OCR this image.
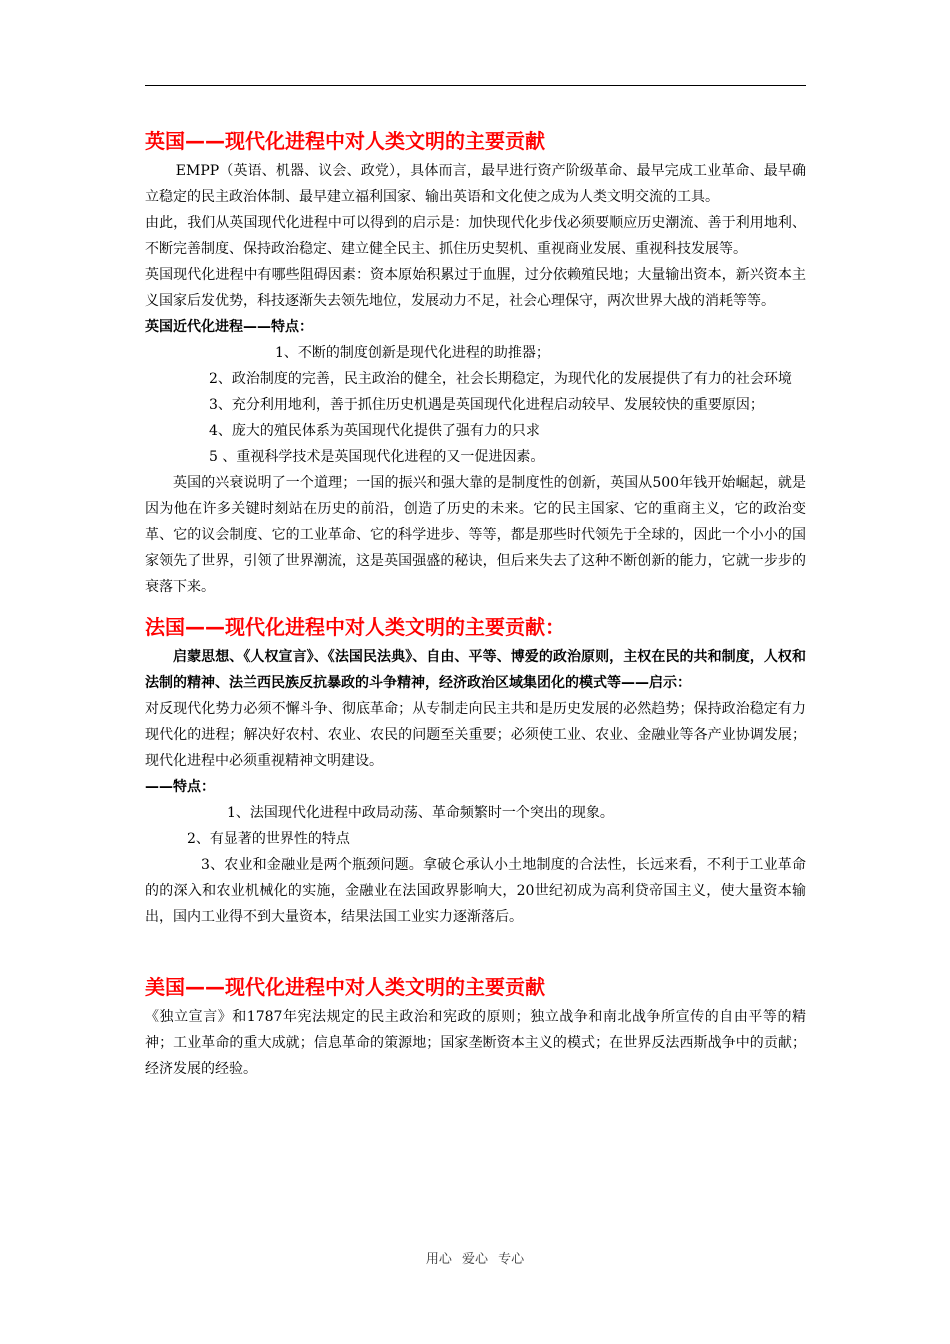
英国——现代化进程中对人类文明的主要贡献

EMPP（英语、机器、议会、政党），具体而言，最早进行资产阶级革命、最早完成工业革命、最早确立稳定的民主政治体制、最早建立福利国家、输出英语和文化使之成为人类文明交流的工具。

由此，我们从英国现代化进程中可以得到的启示是：加快现代化步伐必须要顺应历史潮流、善于利用地利、不断完善制度、保持政治稳定、建立健全民主、抓住历史契机、重视商业发展、重视科技发展等。

英国现代化进程中有哪些阻碍因素：资本原始积累过于血腥，过分依赖殖民地；大量输出资本，新兴资本主义国家后发优势，科技逐渐失去领先地位，发展动力不足，社会心理保守，两次世界大战的消耗等等。

英国近代化进程——特点：

1、不断的制度创新是现代化进程的助推器；

2、政治制度的完善，民主政治的健全，社会长期稳定，为现代化的发展提供了有力的社会环境

3、充分利用地利，善于抓住历史机遇是英国现代化进程启动较早、发展较快的重要原因；

4、庞大的殖民体系为英国现代化提供了强有力的只求

5 、重视科学技术是英国现代化进程的又一促进因素。

英国的兴衰说明了一个道理；一国的振兴和强大靠的是制度性的创新，英国从500年钱开始崛起，就是因为他在许多关键时刻站在历史的前沿，创造了历史的未来。它的民主国家、它的重商主义，它的政治变革、它的议会制度、它的工业革命、它的科学进步、等等，都是那些时代领先于全球的，因此一个小小的国家领先了世界，引领了世界潮流，这是英国强盛的秘诀，但后来失去了这种不断创新的能力，它就一步步的衰落下来。

法国——现代化进程中对人类文明的主要贡献：

启蒙思想、《人权宣言》、《法国民法典》、自由、平等、博爱的政治原则，主权在民的共和制度，人权和法制的精神、法兰西民族反抗暴政的斗争精神，经济政治区域集团化的模式等——启示：

对反现代化势力必须不懈斗争、彻底革命；从专制走向民主共和是历史发展的必然趋势；保持政治稳定有力现代化的进程；解决好农村、农业、农民的问题至关重要；必须使工业、农业、金融业等各产业协调发展；现代化进程中必须重视精神文明建设。

——特点：

1、法国现代化进程中政局动荡、革命频繁时一个突出的现象。

2、有显著的世界性的特点

3、农业和金融业是两个瓶颈问题。拿破仑承认小土地制度的合法性，长远来看，不利于工业革命的的深入和农业机械化的实施，金融业在法国政界影响大，20世纪初成为高利贷帝国主义，使大量资本输出，国内工业得不到大量资本，结果法国工业实力逐渐落后。

美国——现代化进程中对人类文明的主要贡献

《独立宣言》和1787年宪法规定的民主政治和宪政的原则；独立战争和南北战争所宣传的自由平等的精神；工业革命的重大成就；信息革命的策源地；国家垄断资本主义的模式；在世界反法西斯战争中的贡献；经济发展的经验。

用心 爱心 专心
